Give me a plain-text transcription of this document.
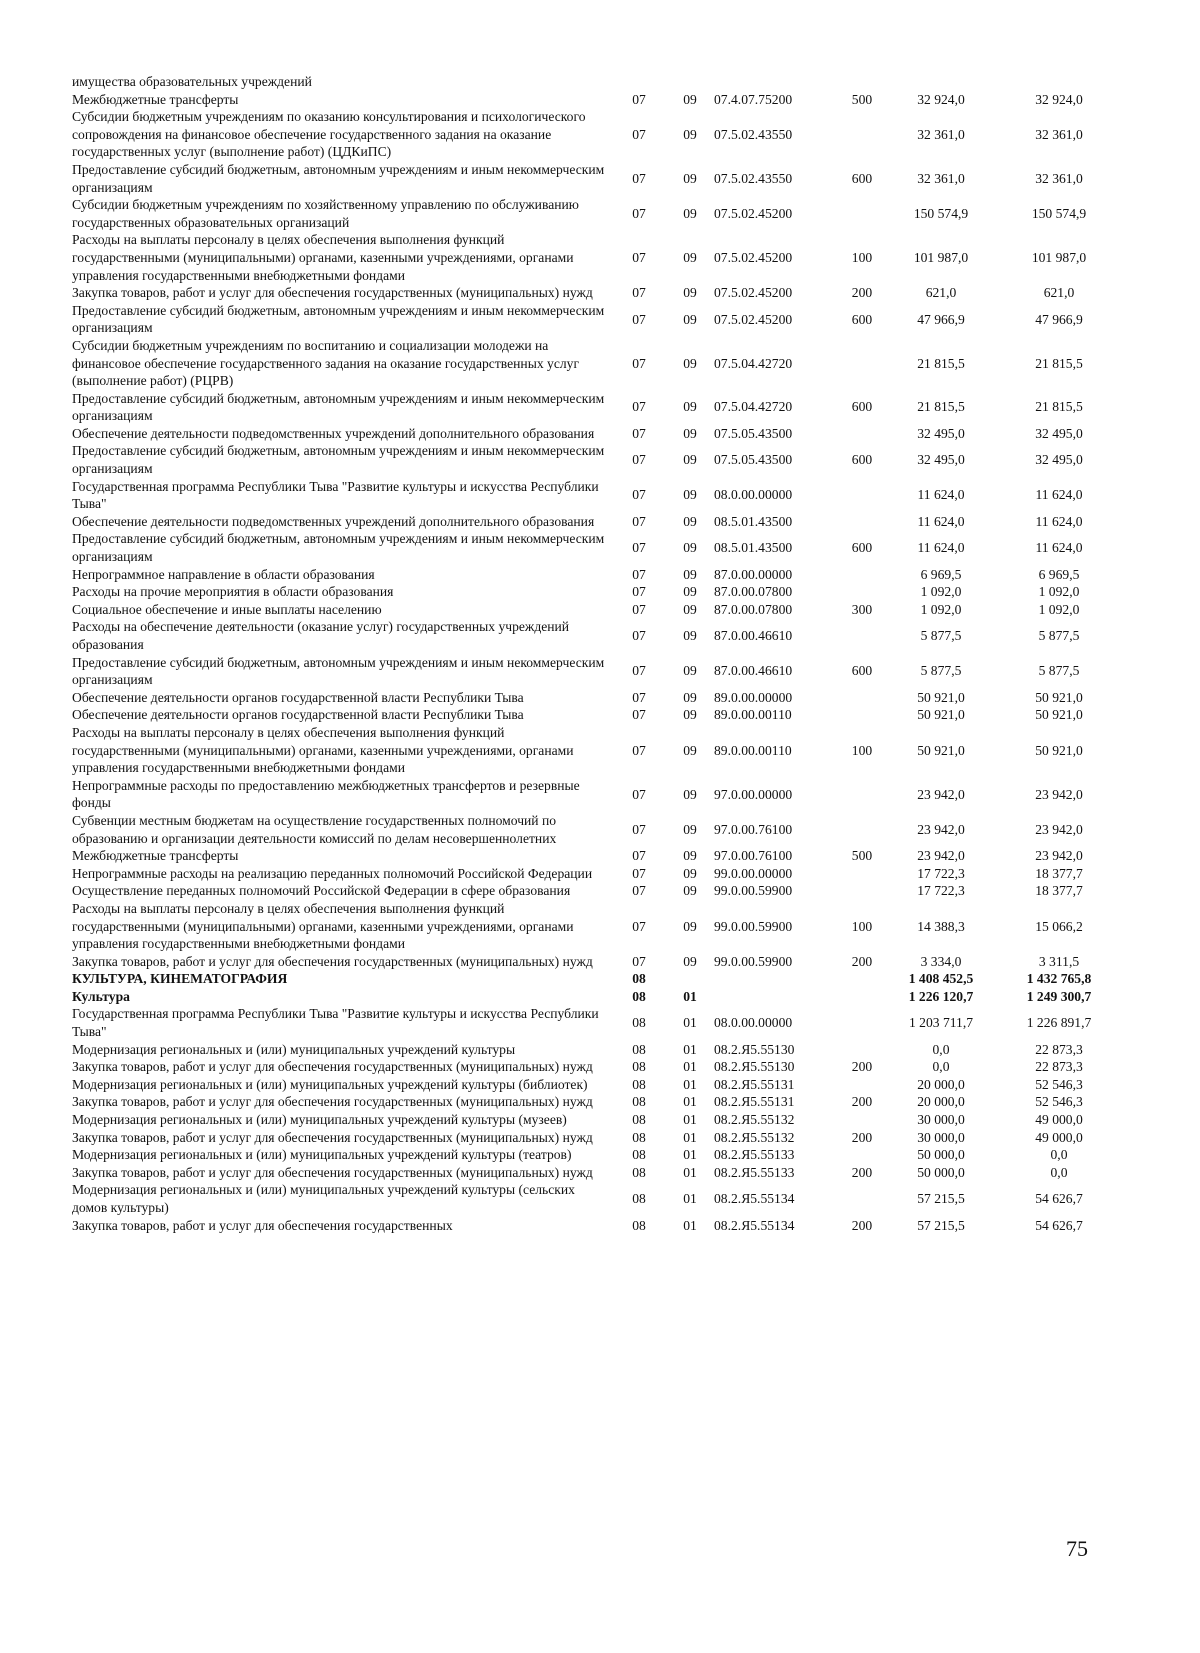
имущества образовательных учреждений						
Межбюджетные трансферты	07	09	07.4.07.75200	500	32 924,0	32 924,0
Субсидии бюджетным учреждениям по оказанию консультирования и психологического сопровождения на финансовое обеспечение государственного задания на оказание государственных услуг (выполнение работ) (ЦДКиПС)	07	09	07.5.02.43550		32 361,0	32 361,0
Предоставление субсидий бюджетным, автономным учреждениям и иным некоммерческим организациям	07	09	07.5.02.43550	600	32 361,0	32 361,0
Субсидии бюджетным учреждениям по хозяйственному управлению по обслуживанию государственных образовательных организаций	07	09	07.5.02.45200		150 574,9	150 574,9
Расходы на выплаты персоналу в целях обеспечения выполнения функций государственными (муниципальными) органами, казенными учреждениями, органами управления государственными внебюджетными фондами	07	09	07.5.02.45200	100	101 987,0	101 987,0
Закупка товаров, работ и услуг для обеспечения государственных (муниципальных) нужд	07	09	07.5.02.45200	200	621,0	621,0
Предоставление субсидий бюджетным, автономным учреждениям и иным некоммерческим организациям	07	09	07.5.02.45200	600	47 966,9	47 966,9
Субсидии бюджетным учреждениям по воспитанию и социализации молодежи на финансовое обеспечение государственного задания на оказание государственных услуг (выполнение работ) (РЦРВ)	07	09	07.5.04.42720		21 815,5	21 815,5
Предоставление субсидий бюджетным, автономным учреждениям и иным некоммерческим организациям	07	09	07.5.04.42720	600	21 815,5	21 815,5
Обеспечение деятельности подведомственных учреждений дополнительного образования	07	09	07.5.05.43500		32 495,0	32 495,0
Предоставление субсидий бюджетным, автономным учреждениям и иным некоммерческим организациям	07	09	07.5.05.43500	600	32 495,0	32 495,0
Государственная программа Республики Тыва "Развитие культуры и искусства Республики Тыва"	07	09	08.0.00.00000		11 624,0	11 624,0
Обеспечение деятельности подведомственных учреждений дополнительного образования	07	09	08.5.01.43500		11 624,0	11 624,0
Предоставление субсидий бюджетным, автономным учреждениям и иным некоммерческим организациям	07	09	08.5.01.43500	600	11 624,0	11 624,0
Непрограммное направление в области образования	07	09	87.0.00.00000		6 969,5	6 969,5
Расходы на прочие мероприятия в области образования	07	09	87.0.00.07800		1 092,0	1 092,0
Социальное обеспечение и иные выплаты населению	07	09	87.0.00.07800	300	1 092,0	1 092,0
Расходы на обеспечение деятельности (оказание услуг) государственных учреждений образования	07	09	87.0.00.46610		5 877,5	5 877,5
Предоставление субсидий бюджетным, автономным учреждениям и иным некоммерческим организациям	07	09	87.0.00.46610	600	5 877,5	5 877,5
Обеспечение деятельности органов государственной власти Республики Тыва	07	09	89.0.00.00000		50 921,0	50 921,0
Обеспечение деятельности органов государственной власти Республики Тыва	07	09	89.0.00.00110		50 921,0	50 921,0
Расходы на выплаты персоналу в целях обеспечения выполнения функций государственными (муниципальными) органами, казенными учреждениями, органами управления государственными внебюджетными фондами	07	09	89.0.00.00110	100	50 921,0	50 921,0
Непрограммные расходы по предоставлению межбюджетных трансфертов и резервные фонды	07	09	97.0.00.00000		23 942,0	23 942,0
Субвенции местным бюджетам на осуществление государственных полномочий по образованию и организации деятельности комиссий по делам несовершеннолетних	07	09	97.0.00.76100		23 942,0	23 942,0
Межбюджетные трансферты	07	09	97.0.00.76100	500	23 942,0	23 942,0
Непрограммные расходы на реализацию переданных полномочий Российской Федерации	07	09	99.0.00.00000		17 722,3	18 377,7
Осуществление переданных полномочий Российской Федерации в сфере образования	07	09	99.0.00.59900		17 722,3	18 377,7
Расходы на выплаты персоналу в целях обеспечения выполнения функций государственными (муниципальными) органами, казенными учреждениями, органами управления государственными внебюджетными фондами	07	09	99.0.00.59900	100	14 388,3	15 066,2
Закупка товаров, работ и услуг для обеспечения государственных (муниципальных) нужд	07	09	99.0.00.59900	200	3 334,0	3 311,5
КУЛЬТУРА, КИНЕМАТОГРАФИЯ	08				1 408 452,5	1 432 765,8
Культура	08	01			1 226 120,7	1 249 300,7
Государственная программа Республики Тыва "Развитие культуры и искусства Республики Тыва"	08	01	08.0.00.00000		1 203 711,7	1 226 891,7
Модернизация региональных и (или) муниципальных учреждений культуры	08	01	08.2.Я5.55130		0,0	22 873,3
Закупка товаров, работ и услуг для обеспечения государственных (муниципальных) нужд	08	01	08.2.Я5.55130	200	0,0	22 873,3
Модернизация региональных и (или) муниципальных учреждений культуры (библиотек)	08	01	08.2.Я5.55131		20 000,0	52 546,3
Закупка товаров, работ и услуг для обеспечения государственных (муниципальных) нужд	08	01	08.2.Я5.55131	200	20 000,0	52 546,3
Модернизация региональных и (или) муниципальных учреждений культуры (музеев)	08	01	08.2.Я5.55132		30 000,0	49 000,0
Закупка товаров, работ и услуг для обеспечения государственных (муниципальных) нужд	08	01	08.2.Я5.55132	200	30 000,0	49 000,0
Модернизация региональных и (или) муниципальных учреждений культуры (театров)	08	01	08.2.Я5.55133		50 000,0	0,0
Закупка товаров, работ и услуг для обеспечения государственных (муниципальных) нужд	08	01	08.2.Я5.55133	200	50 000,0	0,0
Модернизация региональных и (или) муниципальных учреждений культуры (сельских домов культуры)	08	01	08.2.Я5.55134		57 215,5	54 626,7
Закупка товаров, работ и услуг для обеспечения государственных	08	01	08.2.Я5.55134	200	57 215,5	54 626,7
75
